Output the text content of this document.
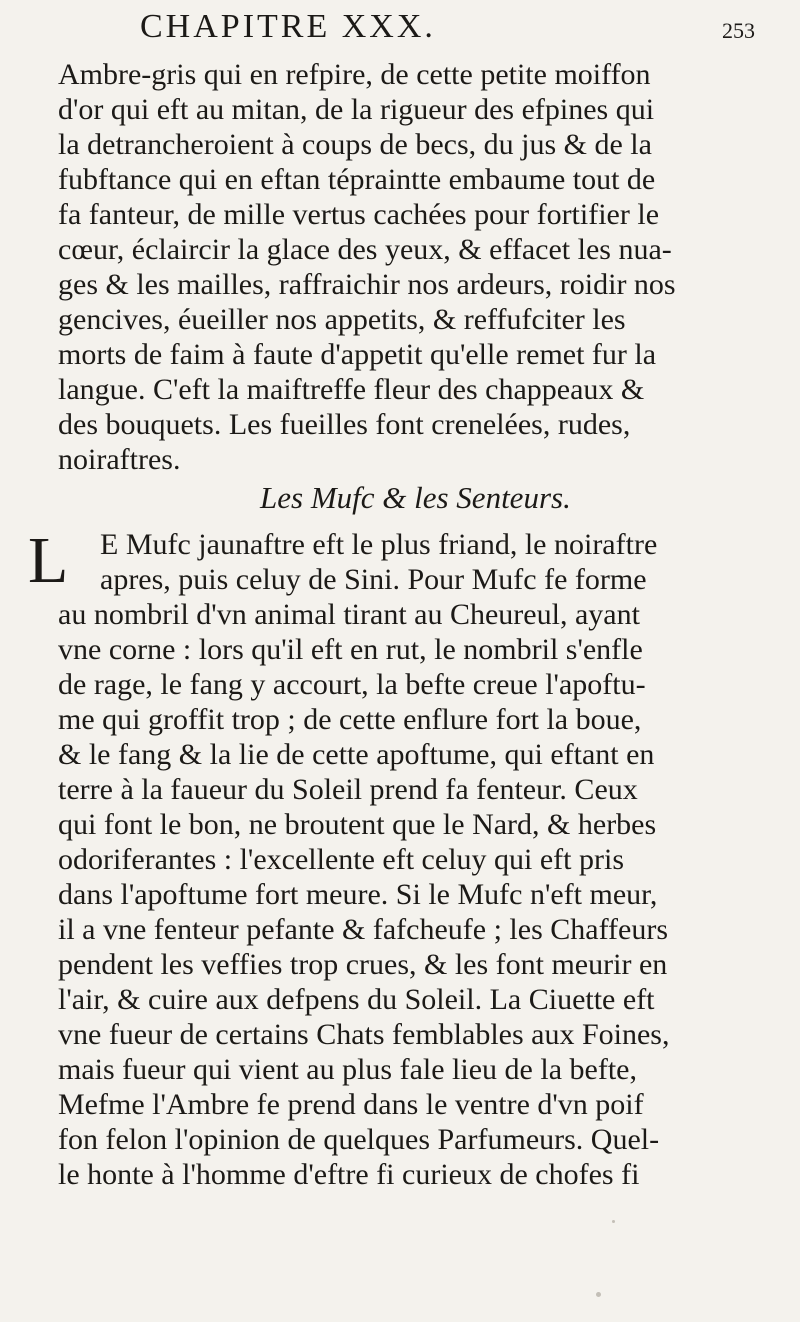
CHAPITRE XXX.	253
Ambre-gris qui en refpire, de cette petite moiffon
d'or qui eft au mitan, de la rigueur des efpines qui
la detrancheroient à coups de becs, du jus & de la
fubftance qui en eftan tépraintte embaume tout de
fa fanteur, de mille vertus cachées pour fortifier le
cœur, éclaircir la glace des yeux, & effacet les nua-
ges & les mailles, raffraichir nos ardeurs, roidir nos
gencives, éueiller nos appetits, & reffufciter les
morts de faim à faute d'appetit qu'elle remet fur la
langue. C'eft la maiftreffe fleur des chappeaux &
des bouquets. Les fueilles font crenelées, rudes,
noiraftres.
Les Mufc & les Senteurs.
L E Mufc jaunaftre eft le plus friand, le noiraftre
apres, puis celuy de Sini. Pour Mufc fe forme
au nombril d'vn animal tirant au Cheureul, ayant
vne corne : lors qu'il eft en rut, le nombril s'enfle
de rage, le fang y accourt, la befte creue l'apoftu-
me qui groffit trop ; de cette enflure fort la boue,
& le fang & la lie de cette apoftume, qui eftant en
terre à la faueur du Soleil prend fa fenteur. Ceux
qui font le bon, ne broutent que le Nard, & herbes
odoriferantes : l'excellente eft celuy qui eft pris
dans l'apoftume fort meure. Si le Mufc n'eft meur,
il a vne fenteur pefante & fafcheufe ; les Chaffeurs
pendent les veffies trop crues, & les font meurir en
l'air, & cuire aux defpens du Soleil. La Ciuette eft
vne fueur de certains Chats femblables aux Foines,
mais fueur qui vient au plus fale lieu de la befte,
Mefme l'Ambre fe prend dans le ventre d'vn poif
fon felon l'opinion de quelques Parfumeurs. Quel-
le honte à l'homme d'eftre fi curieux de chofes fi
